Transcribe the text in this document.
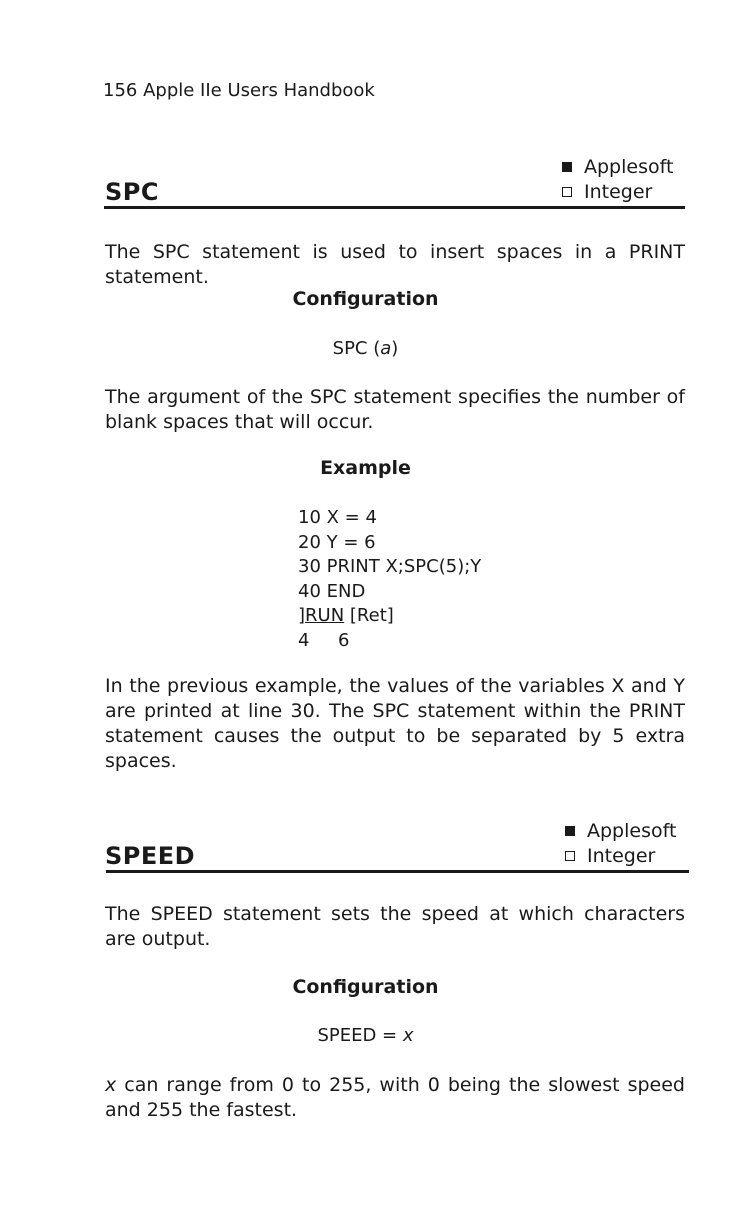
156 Apple IIe Users Handbook
SPC
Applesoft
Integer
The SPC statement is used to insert spaces in a PRINT statement.
Configuration
SPC (a)
The argument of the SPC statement specifies the number of blank spaces that will occur.
Example
10 X = 4
20 Y = 6
30 PRINT X;SPC(5);Y
40 END
]RUN [Ret]
4     6
In the previous example, the values of the variables X and Y are printed at line 30. The SPC statement within the PRINT statement causes the output to be separated by 5 extra spaces.
SPEED
Applesoft
Integer
The SPEED statement sets the speed at which characters are output.
Configuration
SPEED = x
x can range from 0 to 255, with 0 being the slowest speed and 255 the fastest.
